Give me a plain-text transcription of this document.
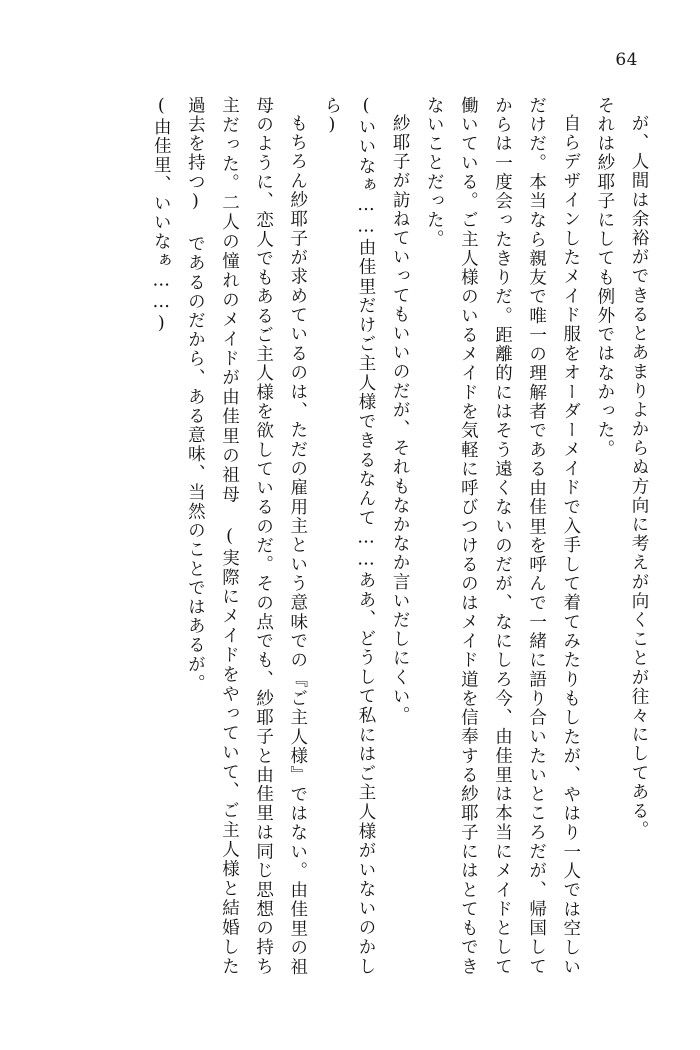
64

が、人間は余裕ができるとあまりよからぬ方向に考えが向くことが往々にしてある。

それは紗耶子にしても例外ではなかった。

自らデザインしたメイド服をオーダーメイドで入手して着てみたりもしたが、やはり一人では空しいだけだ。本当なら親友で唯一の理解者である由佳里を呼んで一緒に語り合いたいところだが、帰国してからは一度会ったきりだ。距離的にはそう遠くないのだが、なにしろ今、由佳里は本当にメイドとして働いている。ご主人様のいるメイドを気軽に呼びつけるのはメイド道を信奉する紗耶子にはとてもできないことだった。

紗耶子が訪ねていってもいいのだが、それもなかなか言いだしにくい。

(いいなぁ……由佳里だけご主人様できるなんて……ああ、どうして私にはご主人様がいないのかしら)

もちろん紗耶子が求めているのは、ただの雇用主という意味での『ご主人様』ではない。由佳里の祖母のように、恋人でもあるご主人様を欲しているのだ。その点でも、紗耶子と由佳里は同じ思想の持ち主だった。二人の憧れのメイドが由佳里の祖母 (実際にメイドをやっていて、ご主人様と結婚した過去を持つ) であるのだから、ある意味、当然のことではあるが。

(由佳里、いいなぁ……)
